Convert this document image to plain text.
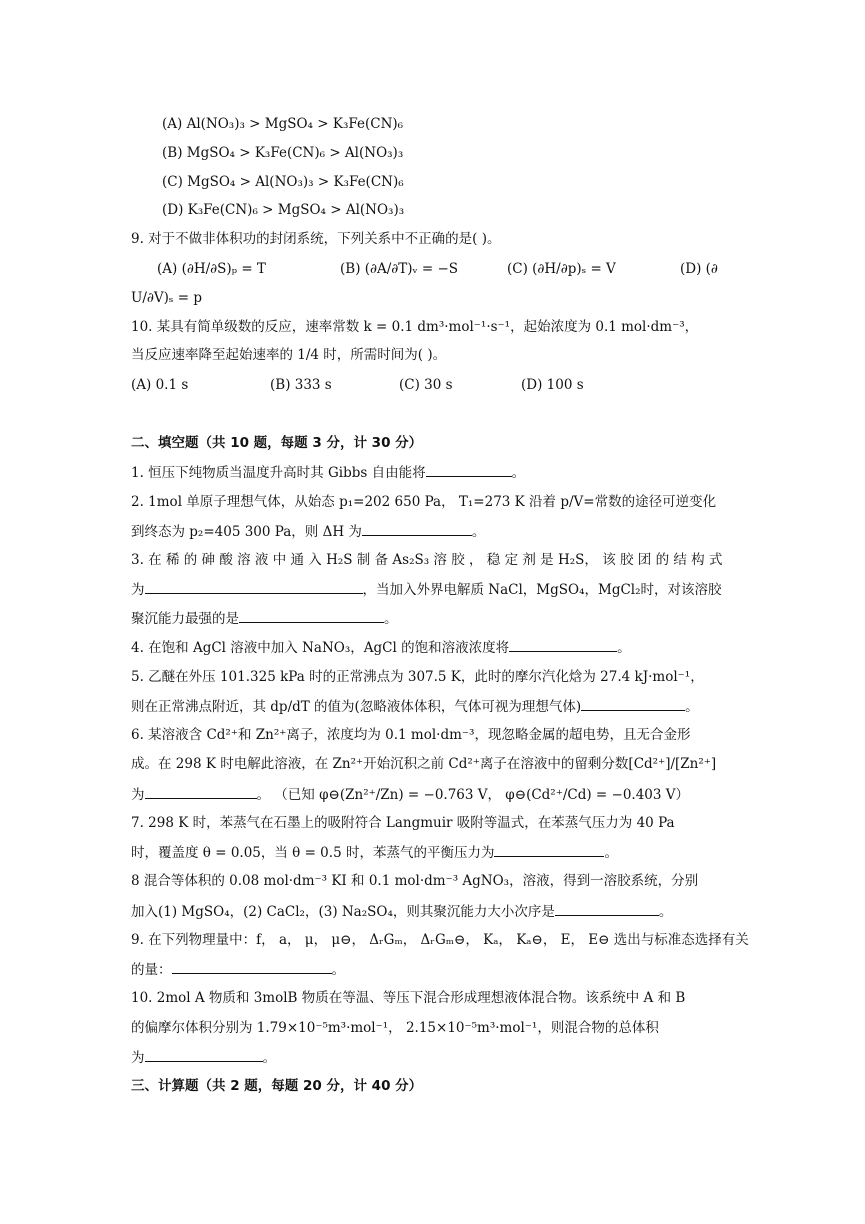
(A) Al(NO₃)₃ > MgSO₄ > K₃Fe(CN)₆
(B) MgSO₄ > K₃Fe(CN)₆ > Al(NO₃)₃
(C) MgSO₄ > Al(NO₃)₃ > K₃Fe(CN)₆
(D) K₃Fe(CN)₆ > MgSO₄ > Al(NO₃)₃
9. 对于不做非体积功的封闭系统，下列关系中不正确的是( )。
(A) (∂H/∂S)ₚ = T	(B) (∂A/∂T)ᵥ = −S	(C) (∂H/∂p)ₛ = V	(D) (∂
U/∂V)ₛ = p
10. 某具有简单级数的反应，速率常数 k = 0.1 dm³·mol⁻¹·s⁻¹，起始浓度为 0.1 mol·dm⁻³，
当反应速率降至起始速率的 1/4 时，所需时间为( )。
(A) 0.1 s	(B) 333 s	(C) 30 s	(D) 100 s
二、填空题（共 10 题，每题 3 分，计 30 分）
1. 恒压下纯物质当温度升高时其 Gibbs 自由能将	。
2. 1mol 单原子理想气体，从始态 p₁=202 650 Pa， T₁=273 K 沿着 p/V=常数的途径可逆变化
到终态为 p₂=405 300 Pa，则 ΔH 为	。
3. 在 稀 的 砷 酸 溶 液 中 通 入 H₂S 制 备 As₂S₃ 溶 胶 ， 稳 定 剂 是 H₂S， 该 胶 团 的 结 构 式
为	，当加入外界电解质 NaCl，MgSO₄，MgCl₂时，对该溶胶
聚沉能力最强的是	。
4. 在饱和 AgCl 溶液中加入 NaNO₃，AgCl 的饱和溶液浓度将	。
5. 乙醚在外压 101.325 kPa 时的正常沸点为 307.5 K，此时的摩尔汽化焓为 27.4 kJ·mol⁻¹，
则在正常沸点附近，其 dp/dT 的值为(忽略液体体积，气体可视为理想气体)	。
6. 某溶液含 Cd²⁺和 Zn²⁺离子，浓度均为 0.1 mol·dm⁻³，现忽略金属的超电势，且无合金形
成。在 298 K 时电解此溶液，在 Zn²⁺开始沉积之前 Cd²⁺离子在溶液中的留剩分数[Cd²⁺]/[Zn²⁺]
为	。 （已知 φ⊖(Zn²⁺/Zn) = −0.763 V， φ⊖(Cd²⁺/Cd) = −0.403 V）
7. 298 K 时，苯蒸气在石墨上的吸附符合 Langmuir 吸附等温式，在苯蒸气压力为 40 Pa
时，覆盖度 θ = 0.05，当 θ = 0.5 时，苯蒸气的平衡压力为	。
8 混合等体积的 0.08 mol·dm⁻³ KI 和 0.1 mol·dm⁻³ AgNO₃，溶液，得到一溶胶系统，分别
加入(1) MgSO₄，(2) CaCl₂，(3) Na₂SO₄，则其聚沉能力大小次序是	。
9. 在下列物理量中：f， a， μ， μ⊖， ΔᵣGₘ， ΔᵣGₘ⊖， Kₐ， Kₐ⊖， E， E⊖ 选出与标准态选择有关
的量：	。
10. 2mol A 物质和 3molB 物质在等温、等压下混合形成理想液体混合物。该系统中 A 和 B
的偏摩尔体积分别为 1.79×10⁻⁵m³·mol⁻¹， 2.15×10⁻⁵m³·mol⁻¹，则混合物的总体积
为	。
三、计算题（共 2 题，每题 20 分，计 40 分）
